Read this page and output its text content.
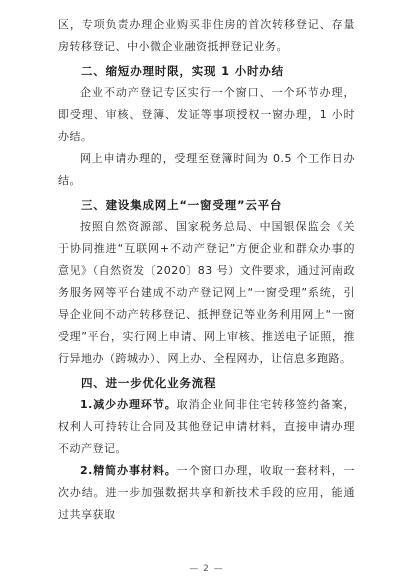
区，专项负责办理企业购买非住房的首次转移登记、存量房转移登记、中小微企业融资抵押登记业务。

二、缩短办理时限，实现 1 小时办结

企业不动产登记专区实行一个窗口、一个环节办理，即受理、审核、登簿、发证等事项授权一窗办理，1 小时办结。

网上申请办理的，受理至登簿时间为 0.5 个工作日办结。

三、建设集成网上“一窗受理”云平台

按照自然资源部、国家税务总局、中国银保监会《关于协同推进“互联网+不动产登记”方便企业和群众办事的意见》（自然资发〔2020〕83 号）文件要求，通过河南政务服务网等平台建成不动产登记网上“一窗受理”系统，引导企业间不动产转移登记、抵押登记等业务利用网上“一窗受理”平台，实行网上申请、网上审核、推送电子证照，推行异地办（跨城办）、网上办、全程网办，让信息多跑路。

四、进一步优化业务流程

1.减少办理环节。取消企业间非住宅转移签约备案，权利人可持转让合同及其他登记申请材料，直接申请办理不动产登记。

2.精简办事材料。一个窗口办理，收取一套材料，一次办结。进一步加强数据共享和新技术手段的应用，能通过共享获取

— 2 —
